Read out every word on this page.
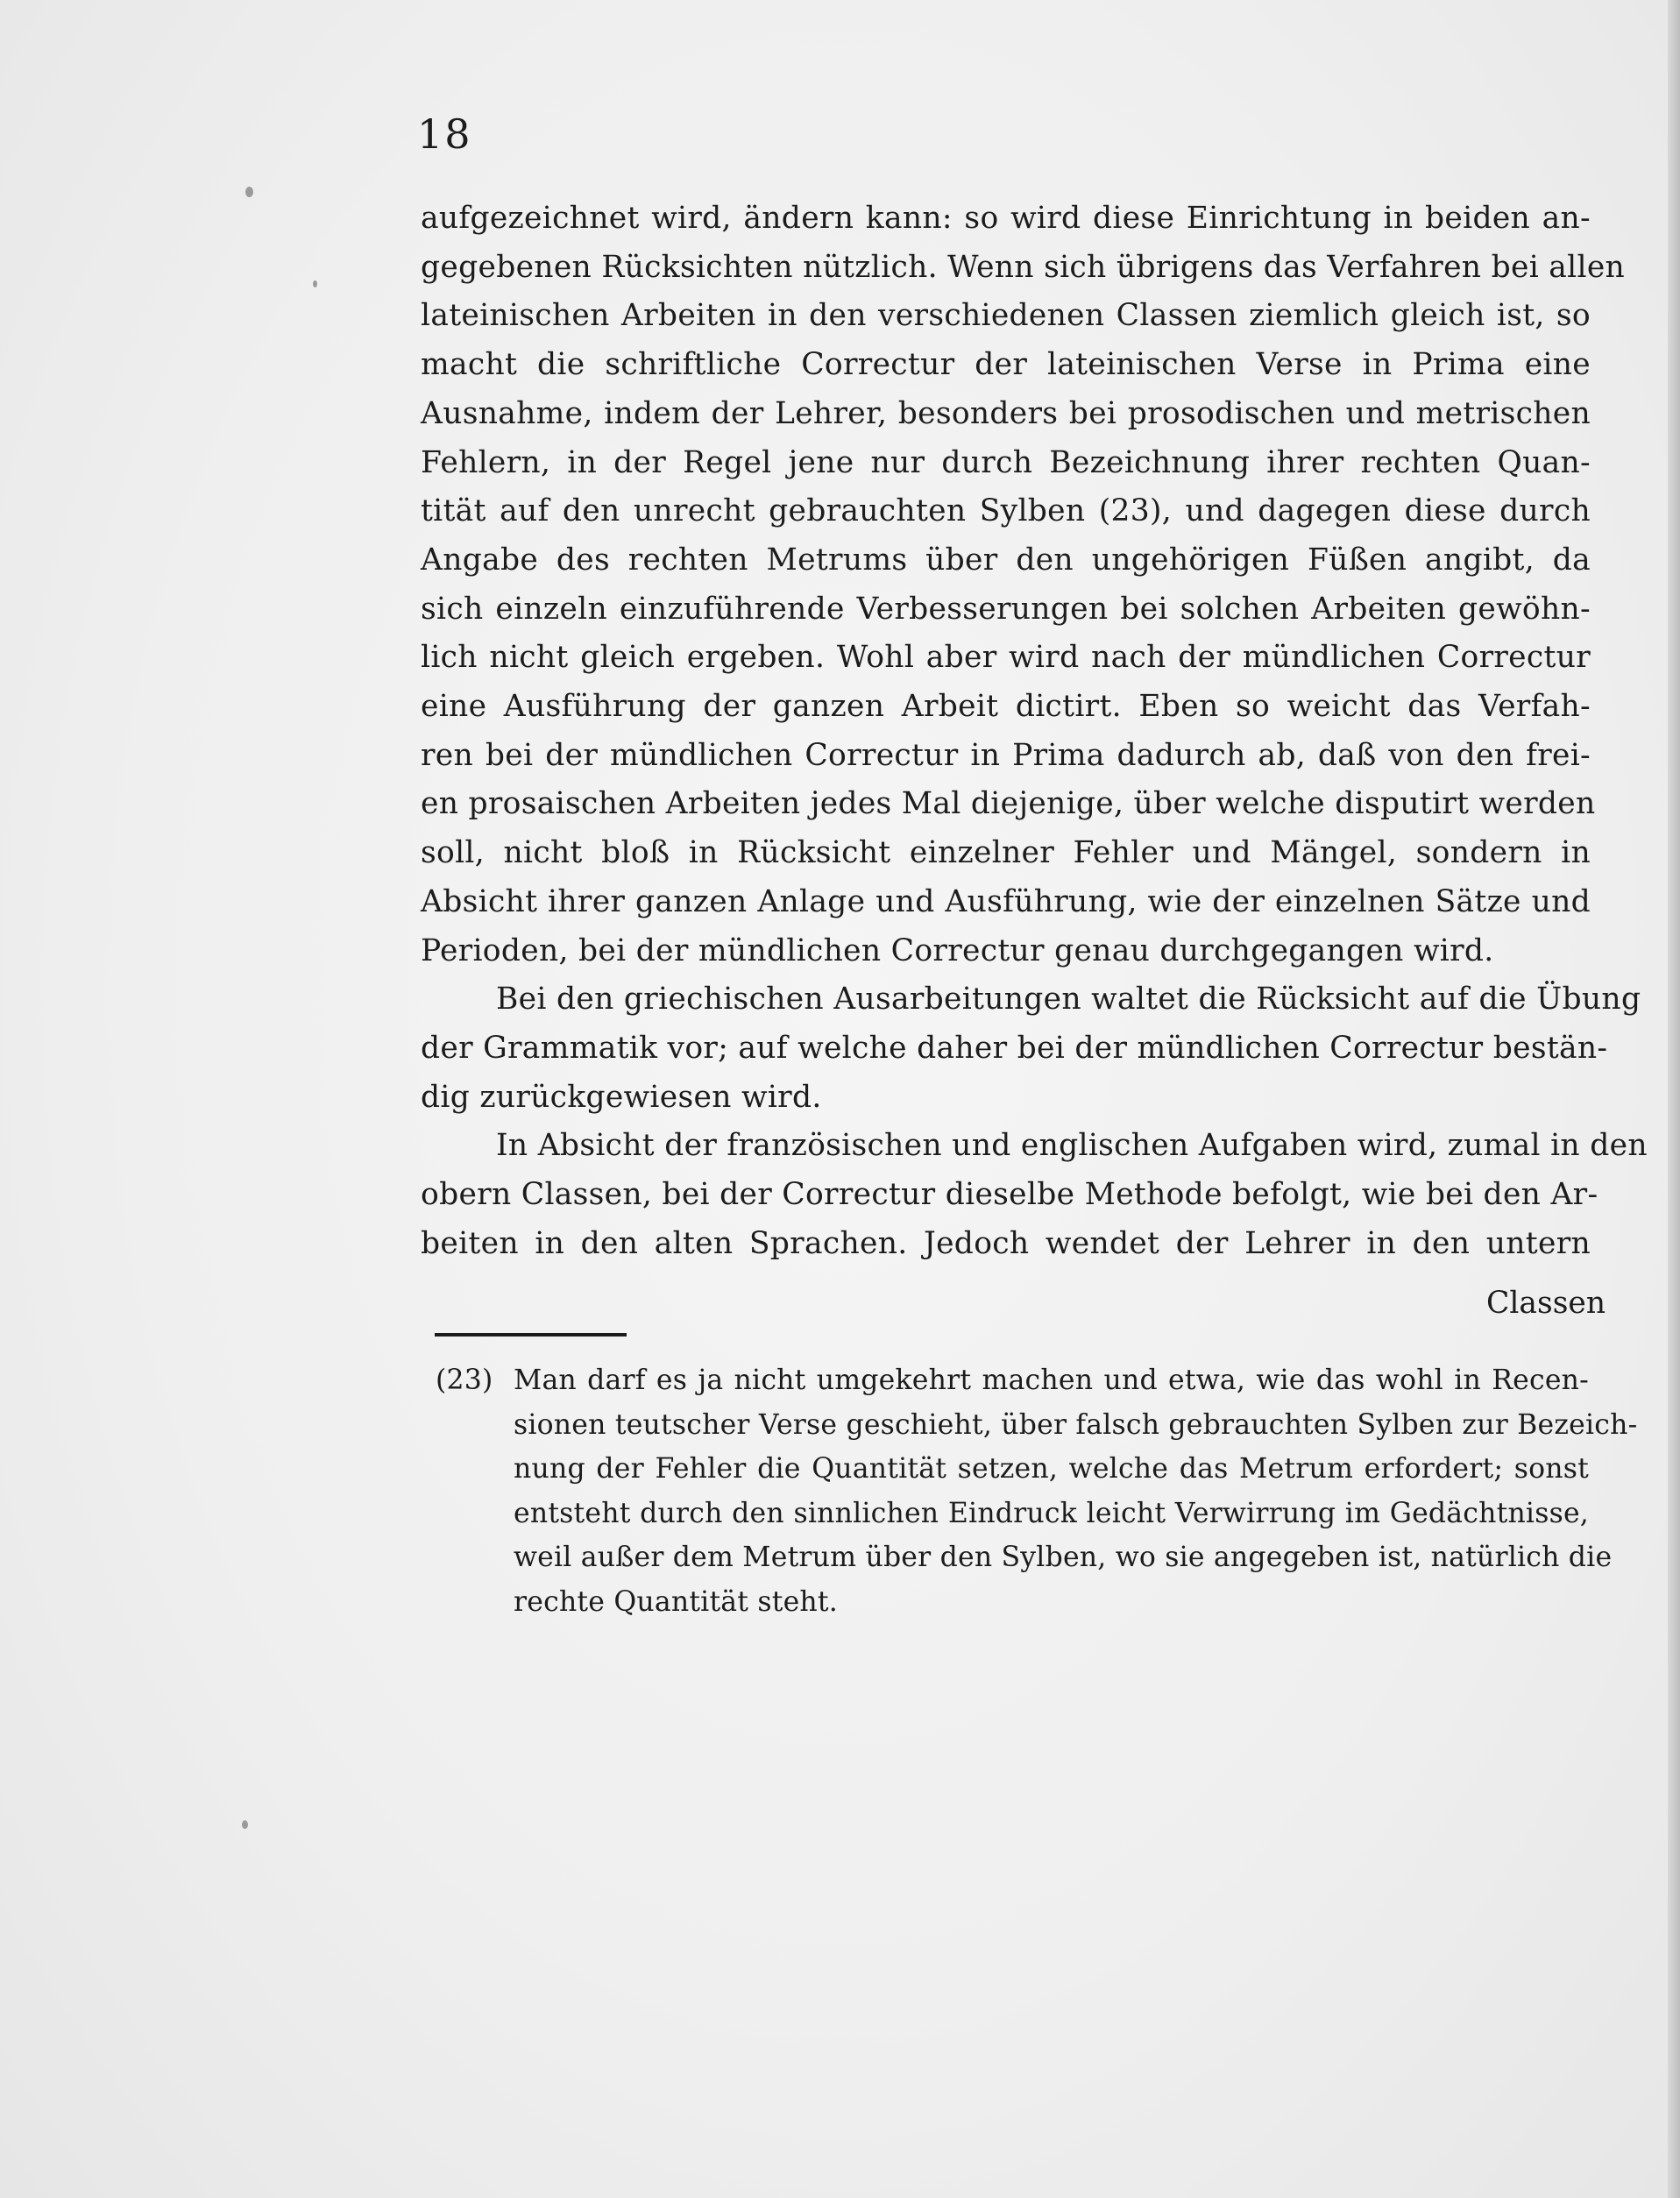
18
aufgezeichnet wird, ändern kann: so wird diese Einrichtung in beiden an-
gegebenen Rücksichten nützlich. Wenn sich übrigens das Verfahren bei allen
lateinischen Arbeiten in den verschiedenen Classen ziemlich gleich ist, so
macht die schriftliche Correctur der lateinischen Verse in Prima eine
Ausnahme, indem der Lehrer, besonders bei prosodischen und metrischen
Fehlern, in der Regel jene nur durch Bezeichnung ihrer rechten Quan-
tität auf den unrecht gebrauchten Sylben (23), und dagegen diese durch
Angabe des rechten Metrums über den ungehörigen Füßen angibt, da
sich einzeln einzuführende Verbesserungen bei solchen Arbeiten gewöhn-
lich nicht gleich ergeben. Wohl aber wird nach der mündlichen Correctur
eine Ausführung der ganzen Arbeit dictirt. Eben so weicht das Verfah-
ren bei der mündlichen Correctur in Prima dadurch ab, daß von den frei-
en prosaischen Arbeiten jedes Mal diejenige, über welche disputirt werden
soll, nicht bloß in Rücksicht einzelner Fehler und Mängel, sondern in
Absicht ihrer ganzen Anlage und Ausführung, wie der einzelnen Sätze und
Perioden, bei der mündlichen Correctur genau durchgegangen wird.
Bei den griechischen Ausarbeitungen waltet die Rücksicht auf die Übung
der Grammatik vor; auf welche daher bei der mündlichen Correctur bestän-
dig zurückgewiesen wird.
In Absicht der französischen und englischen Aufgaben wird, zumal in den
obern Classen, bei der Correctur dieselbe Methode befolgt, wie bei den Ar-
beiten in den alten Sprachen. Jedoch wendet der Lehrer in den untern
Classen
(23) Man darf es ja nicht umgekehrt machen und etwa, wie das wohl in Recen-
sionen teutscher Verse geschieht, über falsch gebrauchten Sylben zur Bezeich-
nung der Fehler die Quantität setzen, welche das Metrum erfordert; sonst
entsteht durch den sinnlichen Eindruck leicht Verwirrung im Gedächtnisse,
weil außer dem Metrum über den Sylben, wo sie angegeben ist, natürlich die
rechte Quantität steht.
